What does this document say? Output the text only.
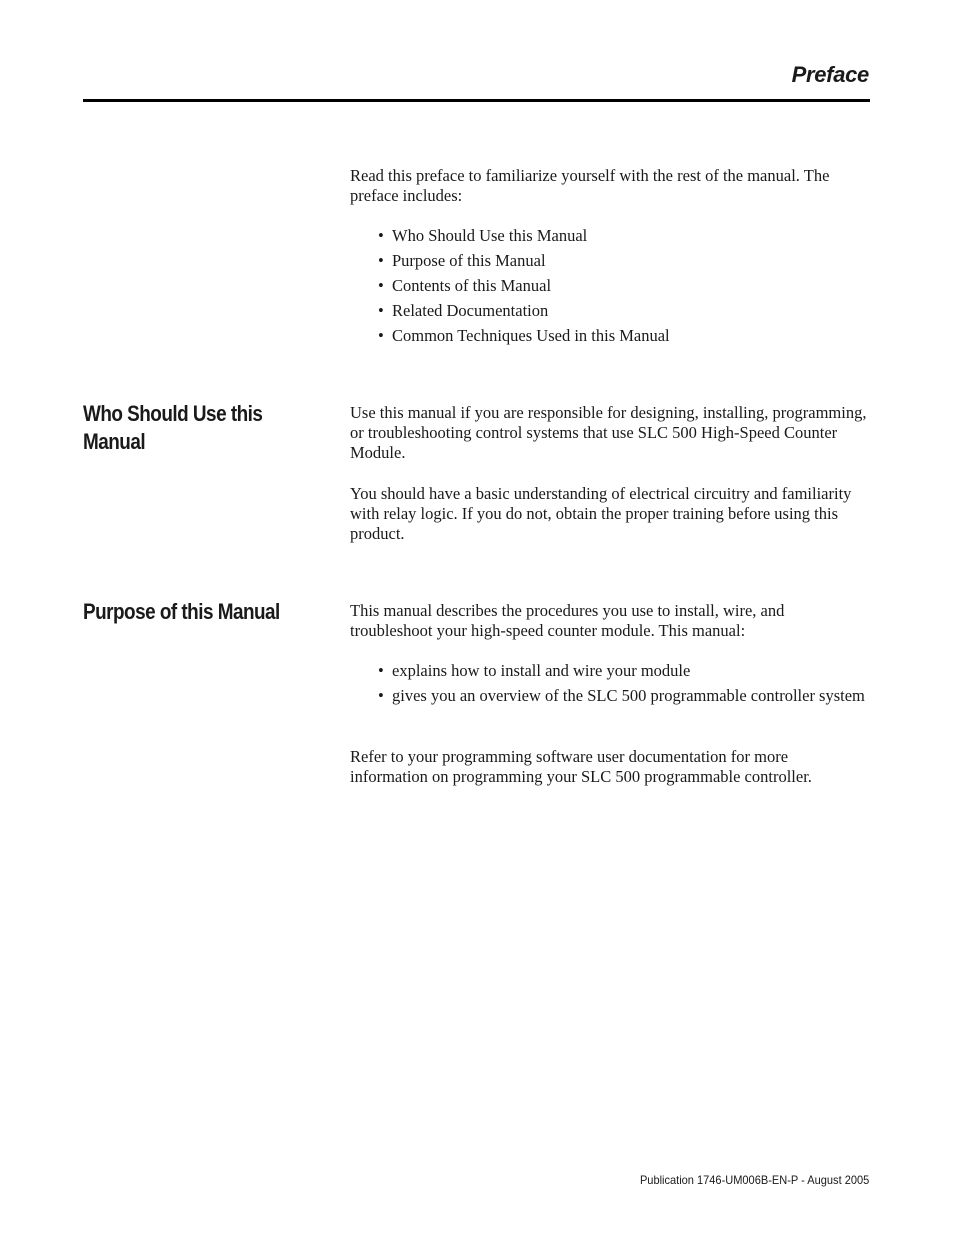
Preface

Read this preface to familiarize yourself with the rest of the manual. The preface includes:

• Who Should Use this Manual
• Purpose of this Manual
• Contents of this Manual
• Related Documentation
• Common Techniques Used in this Manual
Who Should Use this Manual

Use this manual if you are responsible for designing, installing, programming, or troubleshooting control systems that use SLC 500 High-Speed Counter Module.

You should have a basic understanding of electrical circuitry and familiarity with relay logic. If you do not, obtain the proper training before using this product.

Purpose of this Manual	This manual describes the procedures you use to install, wire, and troubleshoot your high-speed counter module. This manual:

• explains how to install and wire your module
• gives you an overview of the SLC 500 programmable controller system

Refer to your programming software user documentation for more information on programming your SLC 500 programmable controller.

Publication 1746-UM006B-EN-P - August 2005
